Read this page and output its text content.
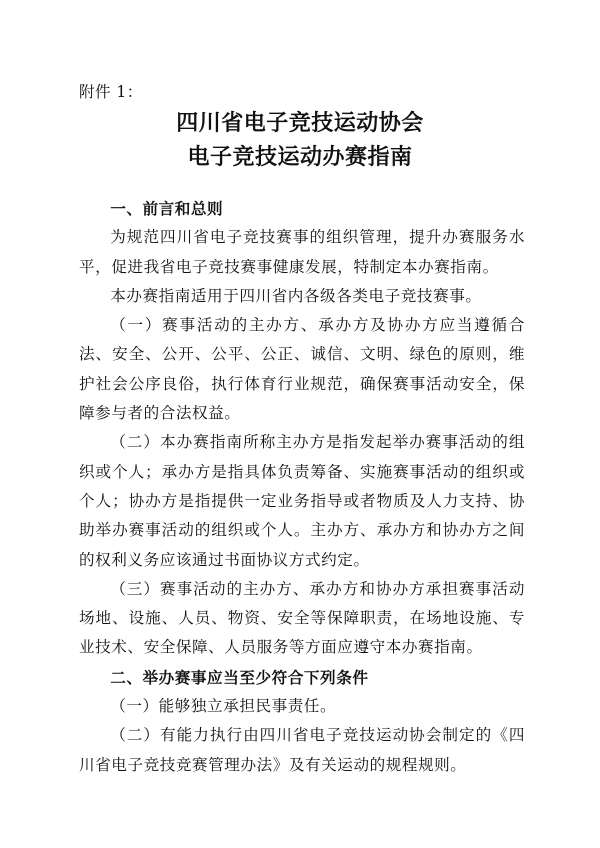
附件 1：
四川省电子竞技运动协会
电子竞技运动办赛指南

一、前言和总则

为规范四川省电子竞技赛事的组织管理，提升办赛服务水平，促进我省电子竞技赛事健康发展，特制定本办赛指南。

本办赛指南适用于四川省内各级各类电子竞技赛事。

（一）赛事活动的主办方、承办方及协办方应当遵循合法、安全、公开、公平、公正、诚信、文明、绿色的原则，维护社会公序良俗，执行体育行业规范，确保赛事活动安全，保障参与者的合法权益。

（二）本办赛指南所称主办方是指发起举办赛事活动的组织或个人；承办方是指具体负责筹备、实施赛事活动的组织或个人；协办方是指提供一定业务指导或者物质及人力支持、协助举办赛事活动的组织或个人。主办方、承办方和协办方之间的权利义务应该通过书面协议方式约定。

（三）赛事活动的主办方、承办方和协办方承担赛事活动场地、设施、人员、物资、安全等保障职责，在场地设施、专业技术、安全保障、人员服务等方面应遵守本办赛指南。

二、举办赛事应当至少符合下列条件

（一）能够独立承担民事责任。

（二）有能力执行由四川省电子竞技运动协会制定的《四川省电子竞技竞赛管理办法》及有关运动的规程规则。
